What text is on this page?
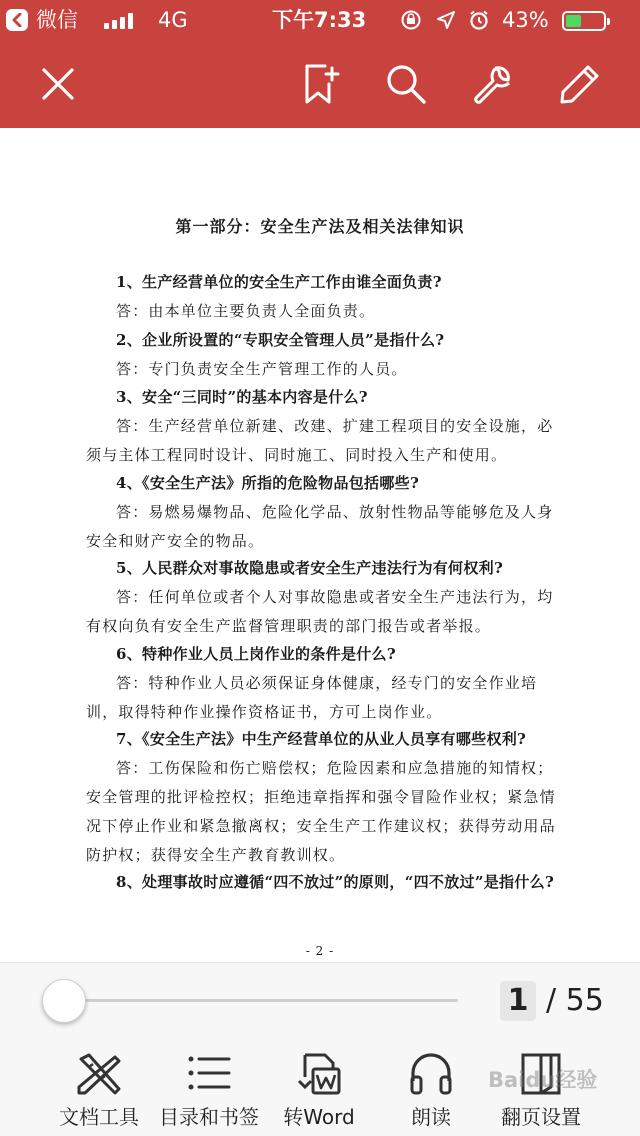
微信	4G	下午7:33	43%
第一部分：安全生产法及相关法律知识
1、生产经营单位的安全生产工作由谁全面负责?
答：由本单位主要负责人全面负责。
2、企业所设置的“专职安全管理人员”是指什么?
答：专门负责安全生产管理工作的人员。
3、安全“三同时”的基本内容是什么?
答：生产经营单位新建、改建、扩建工程项目的安全设施，必须与主体工程同时设计、同时施工、同时投入生产和使用。
4、《安全生产法》所指的危险物品包括哪些?
答：易燃易爆物品、危险化学品、放射性物品等能够危及人身安全和财产安全的物品。
5、人民群众对事故隐患或者安全生产违法行为有何权利?
答：任何单位或者个人对事故隐患或者安全生产违法行为，均有权向负有安全生产监督管理职责的部门报告或者举报。
6、特种作业人员上岗作业的条件是什么?
答：特种作业人员必须保证身体健康，经专门的安全作业培训，取得特种作业操作资格证书，方可上岗作业。
7、《安全生产法》中生产经营单位的从业人员享有哪些权利?
答：工伤保险和伤亡赔偿权；危险因素和应急措施的知情权；安全管理的批评检控权；拒绝违章指挥和强令冒险作业权；紧急情况下停止作业和紧急撤离权；安全生产工作建议权；获得劳动用品防护权；获得安全生产教育教训权。
8、处理事故时应遵循“四不放过”的原则，“四不放过”是指什么?
- 2 -
1 / 55
文档工具	目录和书签	转Word	朗读	翻页设置
Baidu经验
